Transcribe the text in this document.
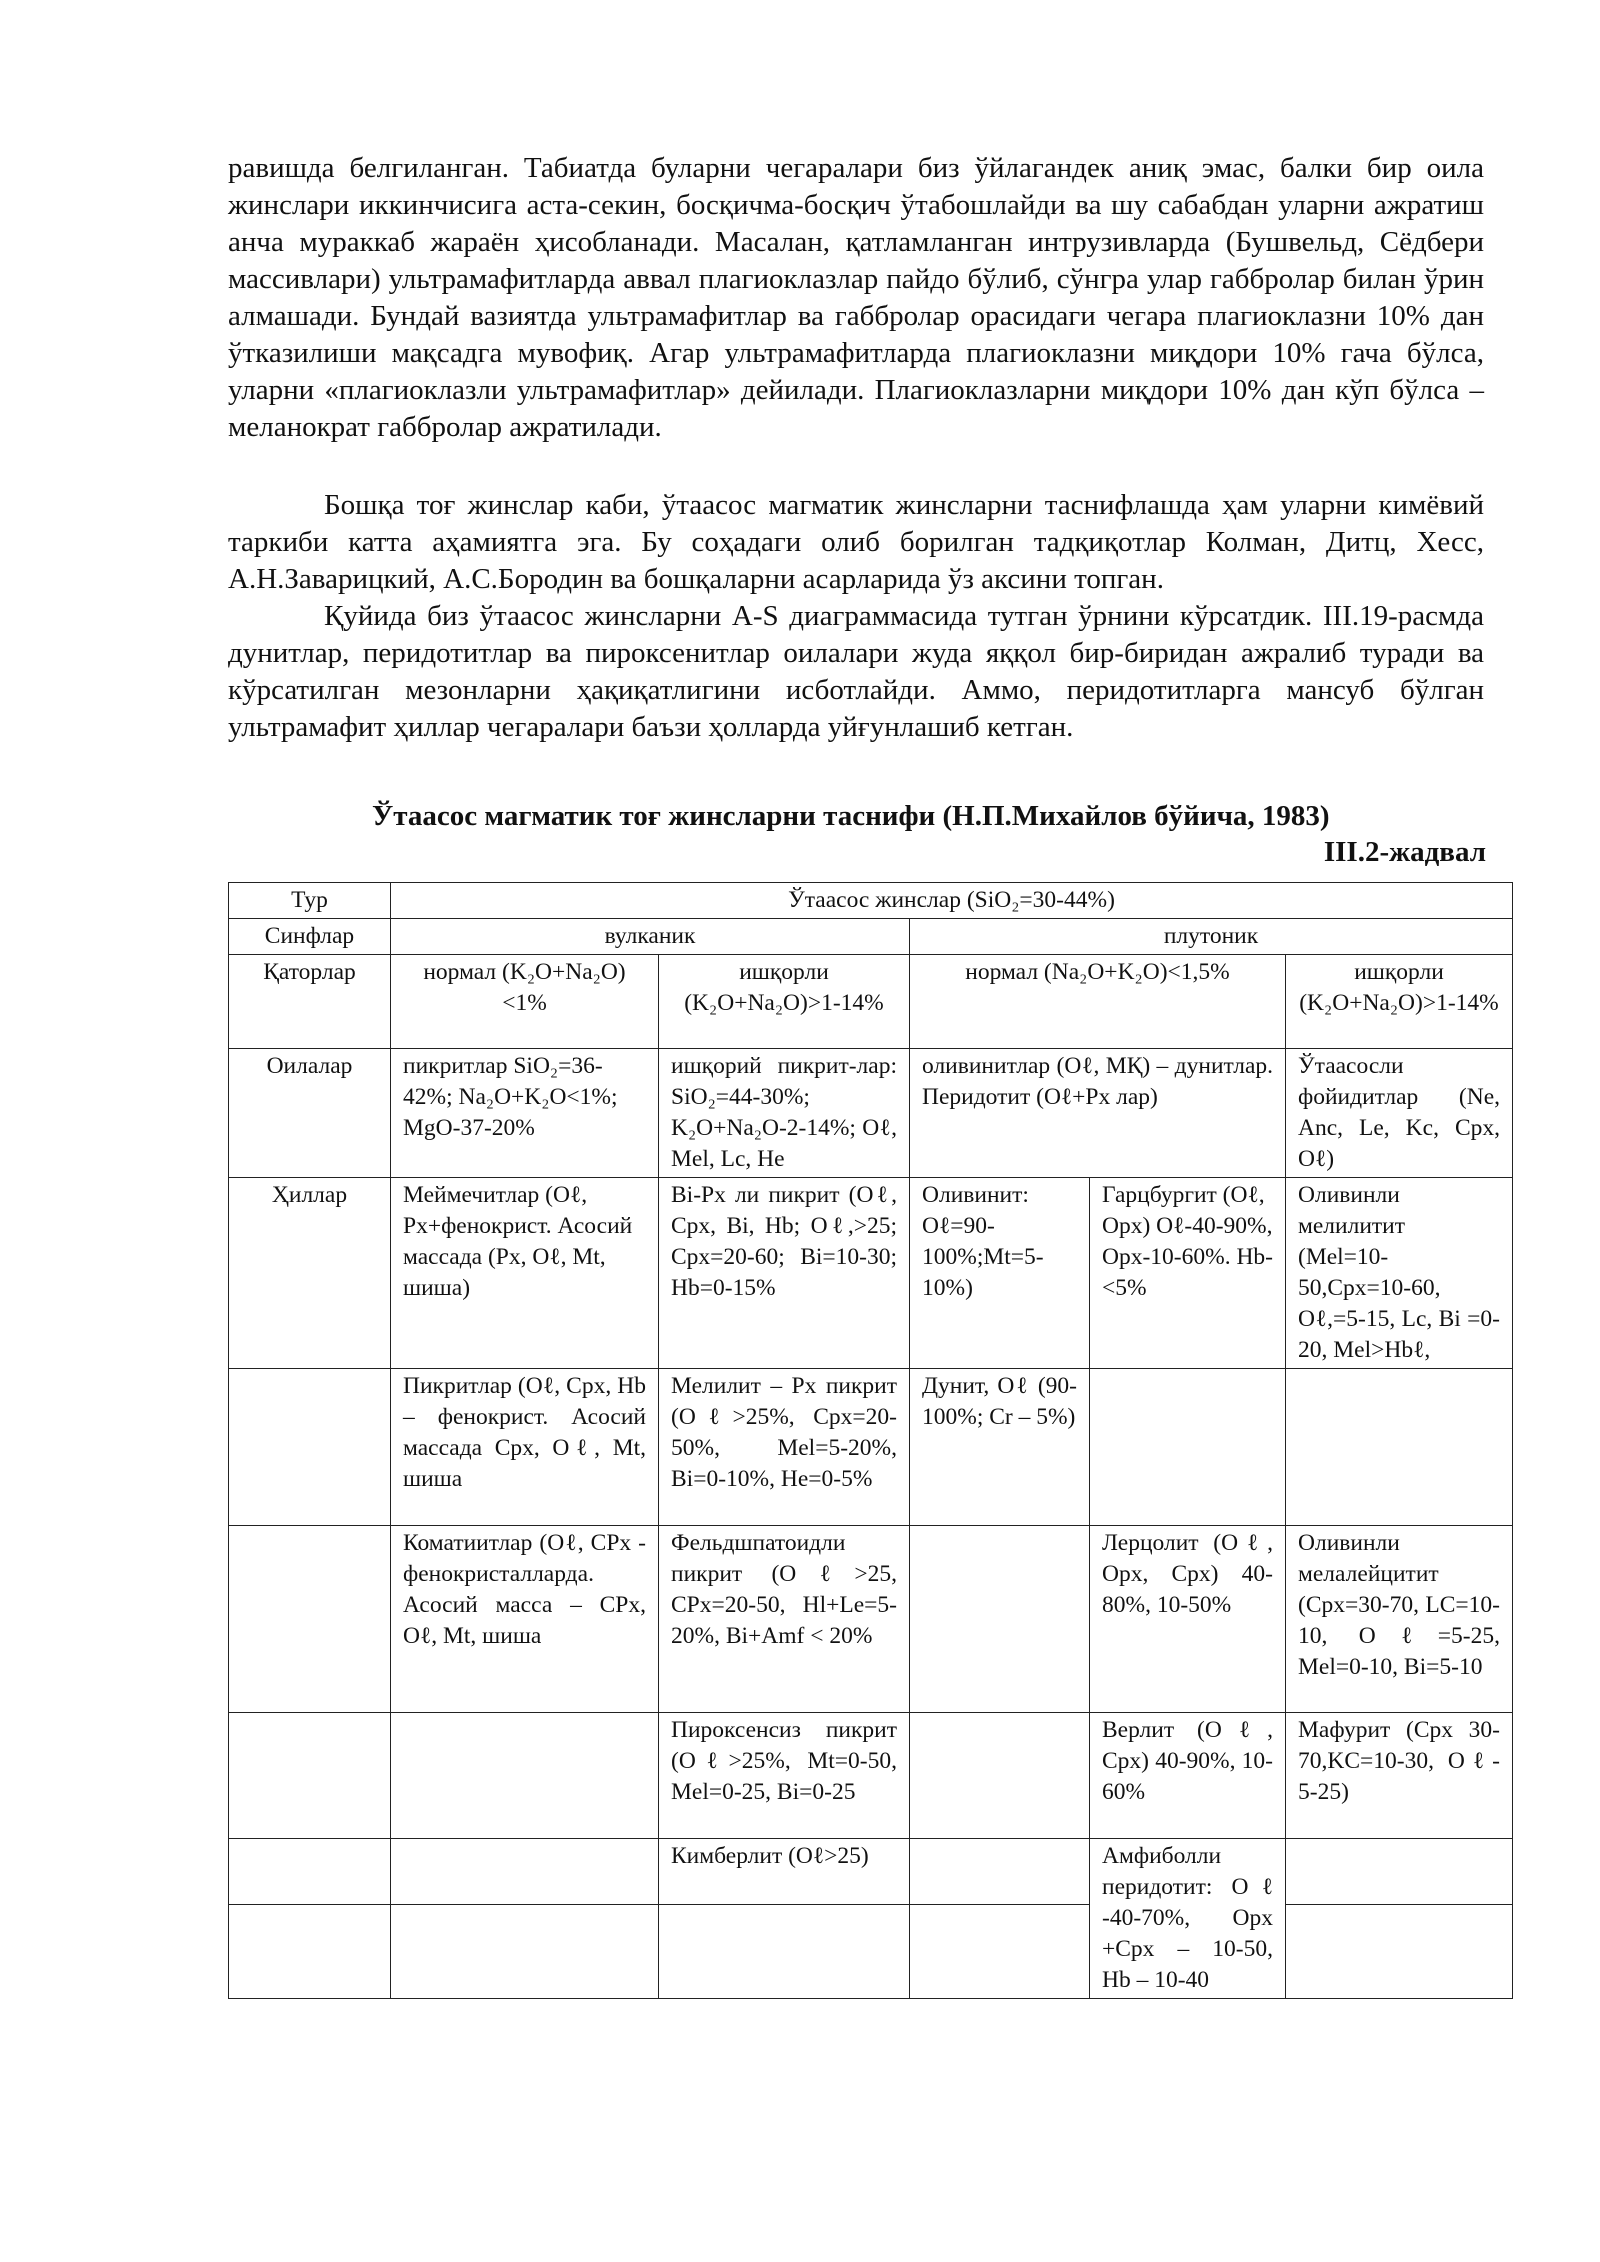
равишда белгиланган. Табиатда буларни чегаралари биз ўйлагандек аниқ эмас, балки бир оила жинслари иккинчисига аста-секин, босқичма-босқич ўтабошлайди ва шу сабабдан уларни ажратиш анча мураккаб жараён ҳисобланади. Масалан, қатламланган интрузивларда (Бушвельд, Сёдбери массивлари) ультрамафитларда аввал плагиоклазлар пайдо бўлиб, сўнгра улар габбролар билан ўрин алмашади. Бундай вазиятда ультрамафитлар ва габбролар орасидаги чегара плагиоклазни 10% дан ўтказилиши мақсадга мувофиқ. Агар ультрамафитларда плагиоклазни миқдори 10% гача бўлса, уларни «плагиоклазли ультрамафитлар» дейилади. Плагиоклазларни миқдори 10% дан кўп бўлса – меланократ габбролар ажратилади.

Бошқа тоғ жинслар каби, ўтаасос магматик жинсларни таснифлашда ҳам уларни кимёвий таркиби катта аҳамиятга эга. Бу соҳадаги олиб борилган тадқиқотлар Колман, Дитц, Хесс, А.Н.Заварицкий, А.С.Бородин ва бошқаларни асарларида ўз аксини топган.

Қуйида биз ўтаасос жинсларни A-S диаграммасида тутган ўрнини кўрсатдик. III.19-расмда дунитлар, перидотитлар ва пироксенитлар оилалари жуда яққол бир-биридан ажралиб туради ва кўрсатилган мезонларни ҳақиқатлигини исботлайди. Аммо, перидотитларга мансуб бўлган ультрамафит ҳиллар чегаралари баъзи ҳолларда уйғунлашиб кетган.

Ўтаасос магматик тоғ жинсларни таснифи (Н.П.Михайлов бўйича, 1983)

III.2-жадвал

Тур	Ўтаасос жинслар (SiO₂=30-44%)				
Синфлар	вулканик		плутоник		
Қаторлар	нормал (K₂O+Na₂O)<1%	ишқорли (K₂O+Na₂O)>1-14%	нормал (Na₂O+K₂O)<1,5%		ишқорли (K₂O+Na₂O)>1-14%
Оилалар	пикритлар SiO₂=36-42%; Na₂O+K₂O<1%; MgO-37-20%	ишқорий пикрит-лар: SiO₂=44-30%; K₂O+Na₂O-2-14%; Oℓ, Mel, Lc, He	оливинитлар (Oℓ, МҚ) – дунитлар. Перидотит (Oℓ+Px лар)		Ўтаасосли фойидитлар (Ne, Anc, Le, Kc, Cpx, Oℓ)
Ҳиллар	Меймечитлар (Oℓ, Px+фенокрист. Асосий массада (Px, Oℓ, Mt, шиша)	Bi-Px ли пикрит (Oℓ, Cpx, Bi, Hb; Oℓ,>25; Cpx=20-60; Bi=10-30; Hb=0-15%	Оливинит: Oℓ=90-100%;Mt=5-10%)	Гарцбургит (Oℓ, Opx) Oℓ-40-90%, Opx-10-60%. Hb-<5%	Оливинли мелилитит (Mel=10-50,Cpx=10-60, Oℓ,=5-15, Lc, Bi =0-20, Mel>Hbℓ,
	Пикритлар (Oℓ, Cpx, Hb – фенокрист. Асосий массада Cpx, Oℓ, Mt, шиша	Мелилит – Px пикрит (Oℓ>25%, Cpx=20-50%, Mel=5-20%, Bi=0-10%, He=0-5%	Дунит, Oℓ (90-100%; Cr – 5%)		
	Коматиитлар (Oℓ, CPx - фенокристалларда. Асосий масса – CPx, Oℓ, Mt, шиша	Фельдшпатоидли пикрит (Oℓ>25, CPx=20-50, Hl+Le=5-20%, Bi+Amf < 20%		Лерцолит (Oℓ, Opx, Cpx) 40-80%, 10-50%	Оливинли мелалейцитит (Cpx=30-70, LC=10-10, Oℓ=5-25, Mel=0-10, Bi=5-10
		Пироксенсиз пикрит (Oℓ>25%, Mt=0-50, Mel=0-25, Bi=0-25		Верлит (Oℓ, Cpx) 40-90%, 10-60%	Мафурит (Cpx 30-70,KC=10-30, Oℓ- 5-25)
		Кимберлит (Oℓ>25)		Амфиболли перидотит: Oℓ -40-70%, Opx +Cpx – 10-50, Hb – 10-40	
